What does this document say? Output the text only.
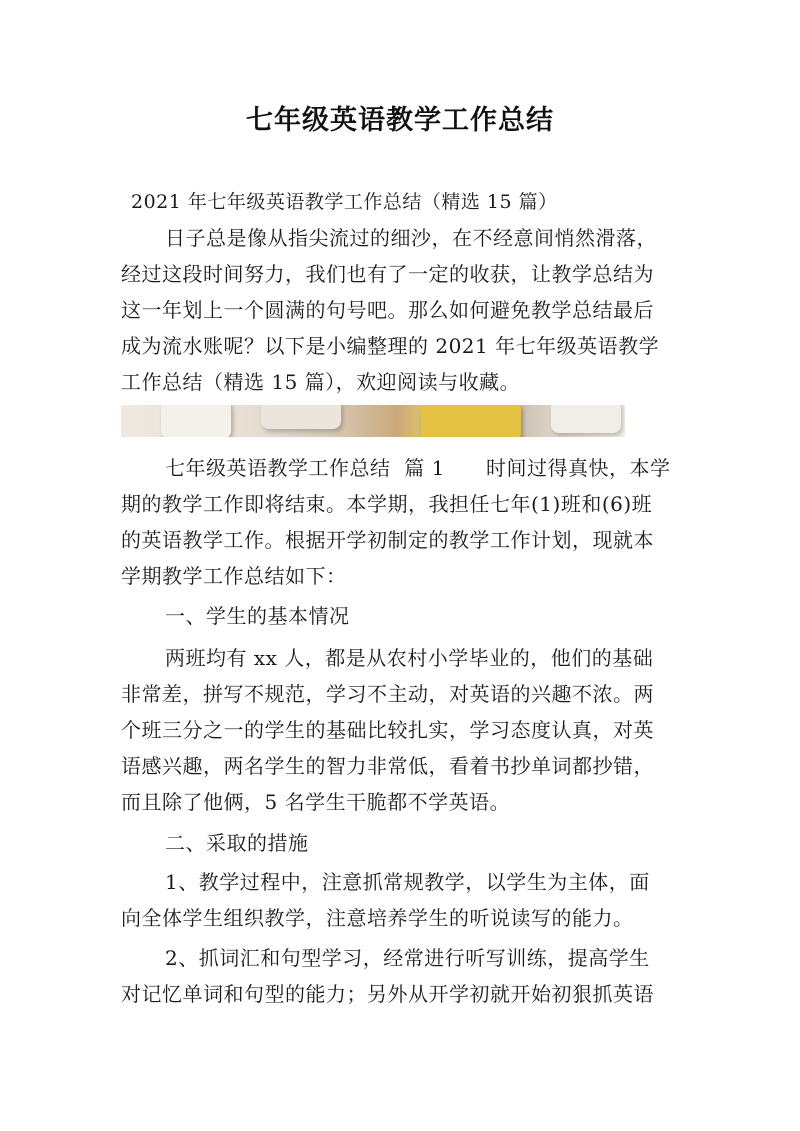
七年级英语教学工作总结
2021 年七年级英语教学工作总结（精选 15 篇）

日子总是像从指尖流过的细沙，在不经意间悄然滑落，
经过这段时间努力，我们也有了一定的收获，让教学总结为
这一年划上一个圆满的句号吧。那么如何避免教学总结最后
成为流水账呢？以下是小编整理的 2021 年七年级英语教学
工作总结（精选 15 篇），欢迎阅读与收藏。

七年级英语教学工作总结  篇 1      时间过得真快，本学
期的教学工作即将结束。本学期，我担任七年(1)班和(6)班
的英语教学工作。根据开学初制定的教学工作计划，现就本
学期教学工作总结如下：

一、学生的基本情况

两班均有 xx 人，都是从农村小学毕业的，他们的基础
非常差，拼写不规范，学习不主动，对英语的兴趣不浓。两
个班三分之一的学生的基础比较扎实，学习态度认真，对英
语感兴趣，两名学生的智力非常低，看着书抄单词都抄错，
而且除了他俩，5 名学生干脆都不学英语。

二、采取的措施

1、教学过程中，注意抓常规教学，以学生为主体，面
向全体学生组织教学，注意培养学生的听说读写的能力。

2、抓词汇和句型学习，经常进行听写训练，提高学生
对记忆单词和句型的能力；另外从开学初就开始初狠抓英语
